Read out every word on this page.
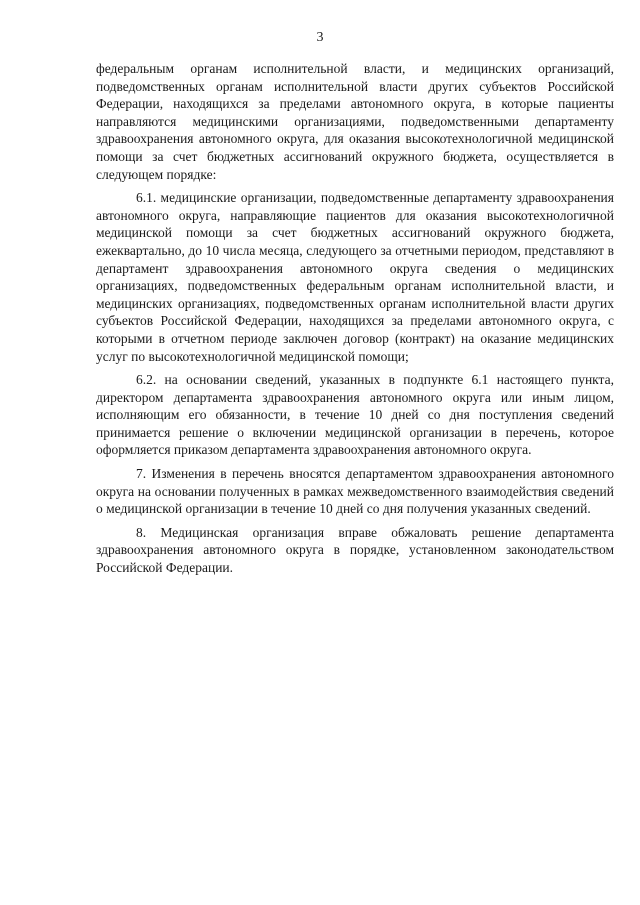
3

федеральным органам исполнительной власти, и медицинских организаций, подведомственных органам исполнительной власти других субъектов Российской Федерации, находящихся за пределами автономного округа, в которые пациенты направляются медицинскими организациями, подведомственными департаменту здравоохранения автономного округа, для оказания высокотехнологичной медицинской помощи за счет бюджетных ассигнований окружного бюджета, осуществляется в следующем порядке:

6.1. медицинские организации, подведомственные департаменту здравоохранения автономного округа, направляющие пациентов для оказания высокотехнологичной медицинской помощи за счет бюджетных ассигнований окружного бюджета, ежеквартально, до 10 числа месяца, следующего за отчетными периодом, представляют в департамент здравоохранения автономного округа сведения о медицинских организациях, подведомственных федеральным органам исполнительной власти, и медицинских организациях, подведомственных органам исполнительной власти других субъектов Российской Федерации, находящихся за пределами автономного округа, с которыми в отчетном периоде заключен договор (контракт) на оказание медицинских услуг по высокотехнологичной медицинской помощи;

6.2. на основании сведений, указанных в подпункте 6.1 настоящего пункта, директором департамента здравоохранения автономного округа или иным лицом, исполняющим его обязанности, в течение 10 дней со дня поступления сведений принимается решение о включении медицинской организации в перечень, которое оформляется приказом департамента здравоохранения автономного округа.

7. Изменения в перечень вносятся департаментом здравоохранения автономного округа на основании полученных в рамках межведомственного взаимодействия сведений о медицинской организации в течение 10 дней со дня получения указанных сведений.

8. Медицинская организация вправе обжаловать решение департамента здравоохранения автономного округа в порядке, установленном законодательством Российской Федерации.
